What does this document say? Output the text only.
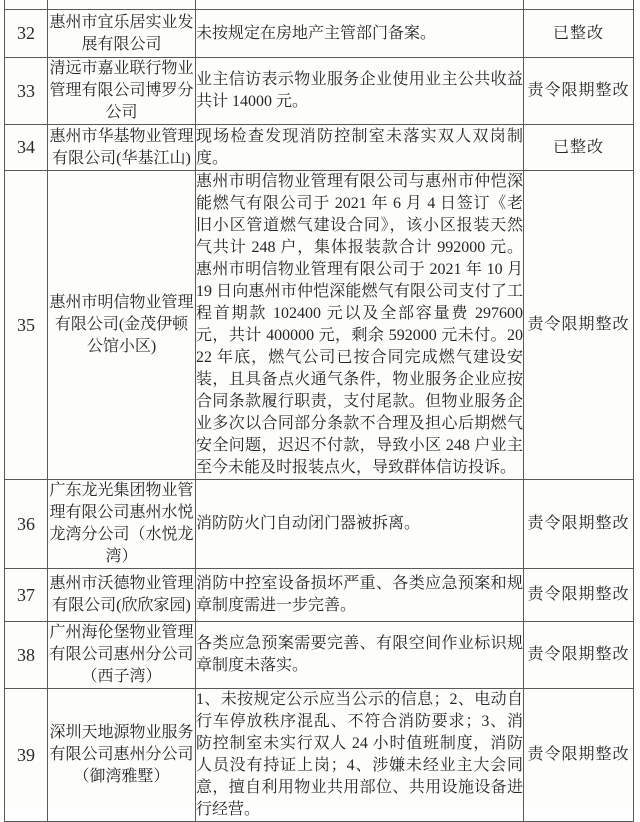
32	惠州市宜乐居实业发展有限公司	未按规定在房地产主管部门备案。	已整改
33	清远市嘉业联行物业管理有限公司博罗分公司	业主信访表示物业服务企业使用业主公共收益共计 14000 元。	责令限期整改
34	惠州市华基物业管理有限公司(华基江山)	现场检查发现消防控制室未落实双人双岗制度。	已整改
35	惠州市明信物业管理有限公司(金茂伊顿公馆小区)	惠州市明信物业管理有限公司与惠州市仲恺深能燃气有限公司于 2021 年 6 月 4 日签订《老旧小区管道燃气建设合同》，该小区报装天然气共计 248 户，集体报装款合计 992000 元。惠州市明信物业管理有限公司于 2021 年 10 月 19 日向惠州市仲恺深能燃气有限公司支付了工程首期款 102400 元以及全部容量费 297600 元，共计 400000 元，剩余 592000 元未付。2022 年底，燃气公司已按合同完成燃气建设安装，且具备点火通气条件，物业服务企业应按合同条款履行职责，支付尾款。但物业服务企业多次以合同部分条款不合理及担心后期燃气安全问题，迟迟不付款，导致小区 248 户业主至今未能及时报装点火，导致群体信访投诉。	责令限期整改
36	广东龙光集团物业管理有限公司惠州水悦龙湾分公司（水悦龙湾）	消防防火门自动闭门器被拆离。	责令限期整改
37	惠州市沃德物业管理有限公司(欣欣家园)	消防中控室设备损坏严重、各类应急预案和规章制度需进一步完善。	责令限期整改
38	广州海伦堡物业管理有限公司惠州分公司（西子湾）	各类应急预案需要完善、有限空间作业标识规章制度未落实。	责令限期整改
39	深圳天地源物业服务有限公司惠州分公司（御湾雅墅）	1、未按规定公示应当公示的信息；2、电动自行车停放秩序混乱、不符合消防要求；3、消防控制室未实行双人 24 小时值班制度，消防人员没有持证上岗；4、涉嫌未经业主大会同意，擅自利用物业共用部位、共用设施设备进行经营。	责令限期整改
